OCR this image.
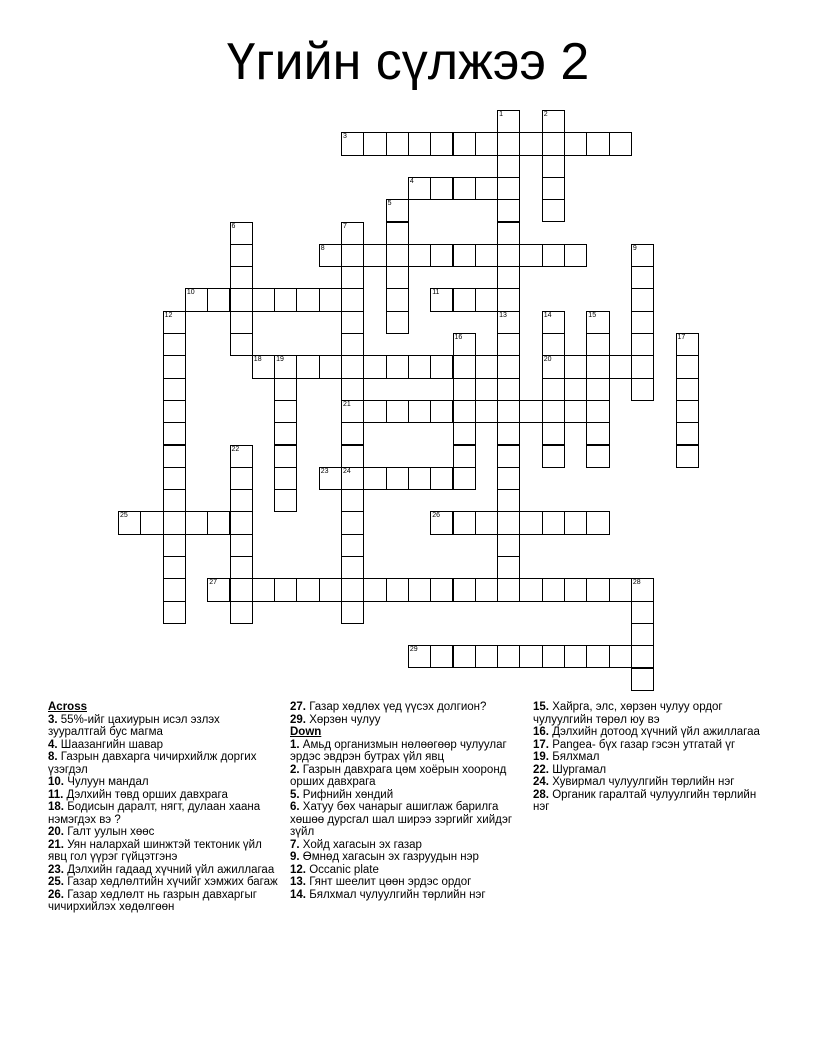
Үгийн сүлжээ 2
1
13
2
3
4
5
6	7
21
24
8	9
10	11
12	14
20
15
16	17
18 19
22
23
25	26
27	28
29
Across
3. 55%-ийг цахиурын исэл эзлэх зууралтгай бус магма
4. Шаазангийн шавар
8. Газрын давхарга чичирхийлж доргих үзэгдэл
10. Чулуун мандал
11. Дэлхийн төвд орших давхрага
18. Бодисын даралт, нягт, дулаан хаана нэмэгдэх вэ ?
20. Галт уулын хөөс
21. Уян налархай шинжтэй тектоник үйл явц гол үүрэг гүйцэтгэнэ
23. Дэлхийн гадаад хүчний үйл ажиллагаа
25. Газар хөдлөлтийн хүчийг хэмжих багаж
26. Газар хөдлөлт нь газрын давхаргыг чичирхийлэх хөдөлгөөн
27. Газар хөдлөх үед үүсэх долгион?
29. Хөрзөн чулуу
Down
1. Амьд организмын нөлөөгөөр чулуулаг эрдэс эвдрэн бутрах үйл явц
2. Газрын давхрага цөм хоёрын хооронд орших давхрага
5. Рифнийн хөндий
6. Хатуу бөх чанарыг ашиглаж барилга хөшөө дурсгал шал ширээ зэргийг хийдэг зүйл
7. Хойд хагасын эх газар
9. Өмнөд хагасын эх газруудын нэр
12. Occanic plate
13. Гянт шеелит цөөн эрдэс ордог
14. Бялхмал чулуулгийн төрлийн нэг
15. Хайрга, элс, хөрзөн чулуу ордог чулуулгийн төрөл юу вэ
16. Дэлхийн дотоод хүчний үйл ажиллагаа
17. Pangea- бүх газар гэсэн утгатай үг
19. Бялхмал
22. Шургамал
24. Хувирмал чулуулгийн төрлийн нэг
28. Органик гаралтай чулуулгийн төрлийн нэг
